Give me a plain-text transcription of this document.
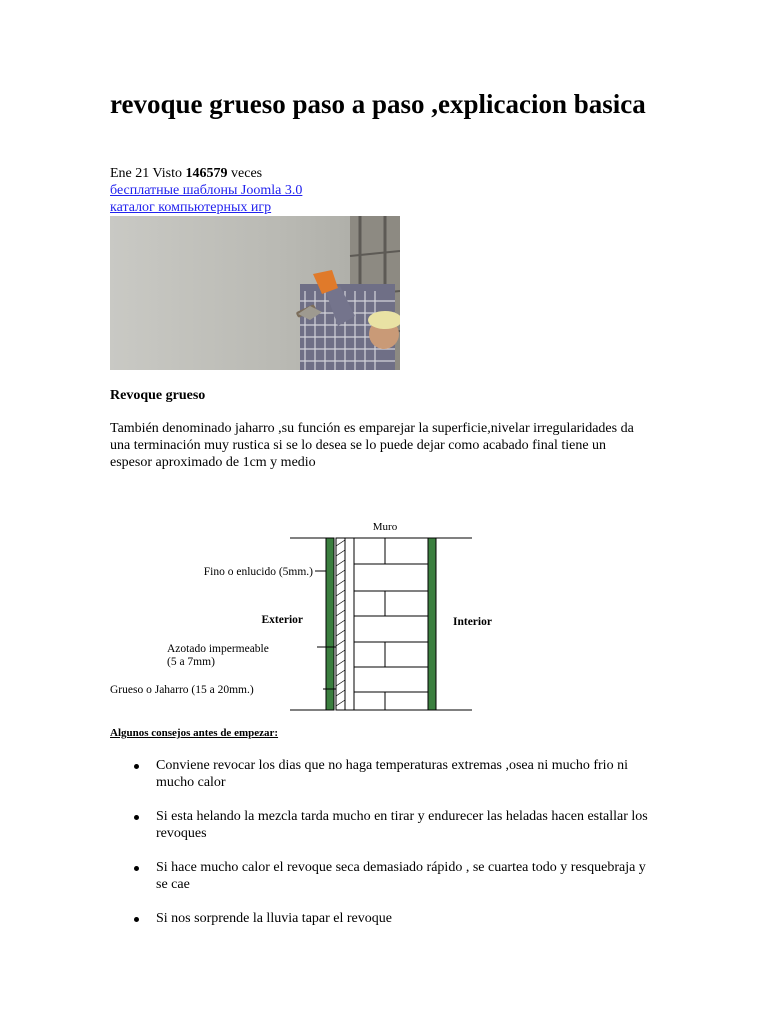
revoque grueso paso a paso ,explicacion basica
Ene 21 Visto 146579 veces
бесплатные шаблоны Joomla 3.0
каталог компьютерных игр
Revoque grueso
También denominado jaharro ,su función es emparejar la superficie,nivelar irregularidades da una terminación muy rustica si se lo desea se lo puede dejar como acabado final tiene un espesor aproximado de 1cm y medio
Muro
Fino o enlucido (5mm.)
Exterior	Interior
Azotado impermeable
(5 a 7mm)
Grueso o Jaharro (15 a 20mm.)
Algunos consejos antes de empezar:
Conviene revocar los dias que no haga temperaturas extremas ,osea ni mucho frio ni mucho calor
Si esta helando la mezcla tarda mucho en tirar y endurecer las heladas hacen estallar los revoques
Si hace mucho calor el revoque seca demasiado rápido , se cuartea todo y resquebraja y se cae
Si nos sorprende la lluvia tapar el revoque
